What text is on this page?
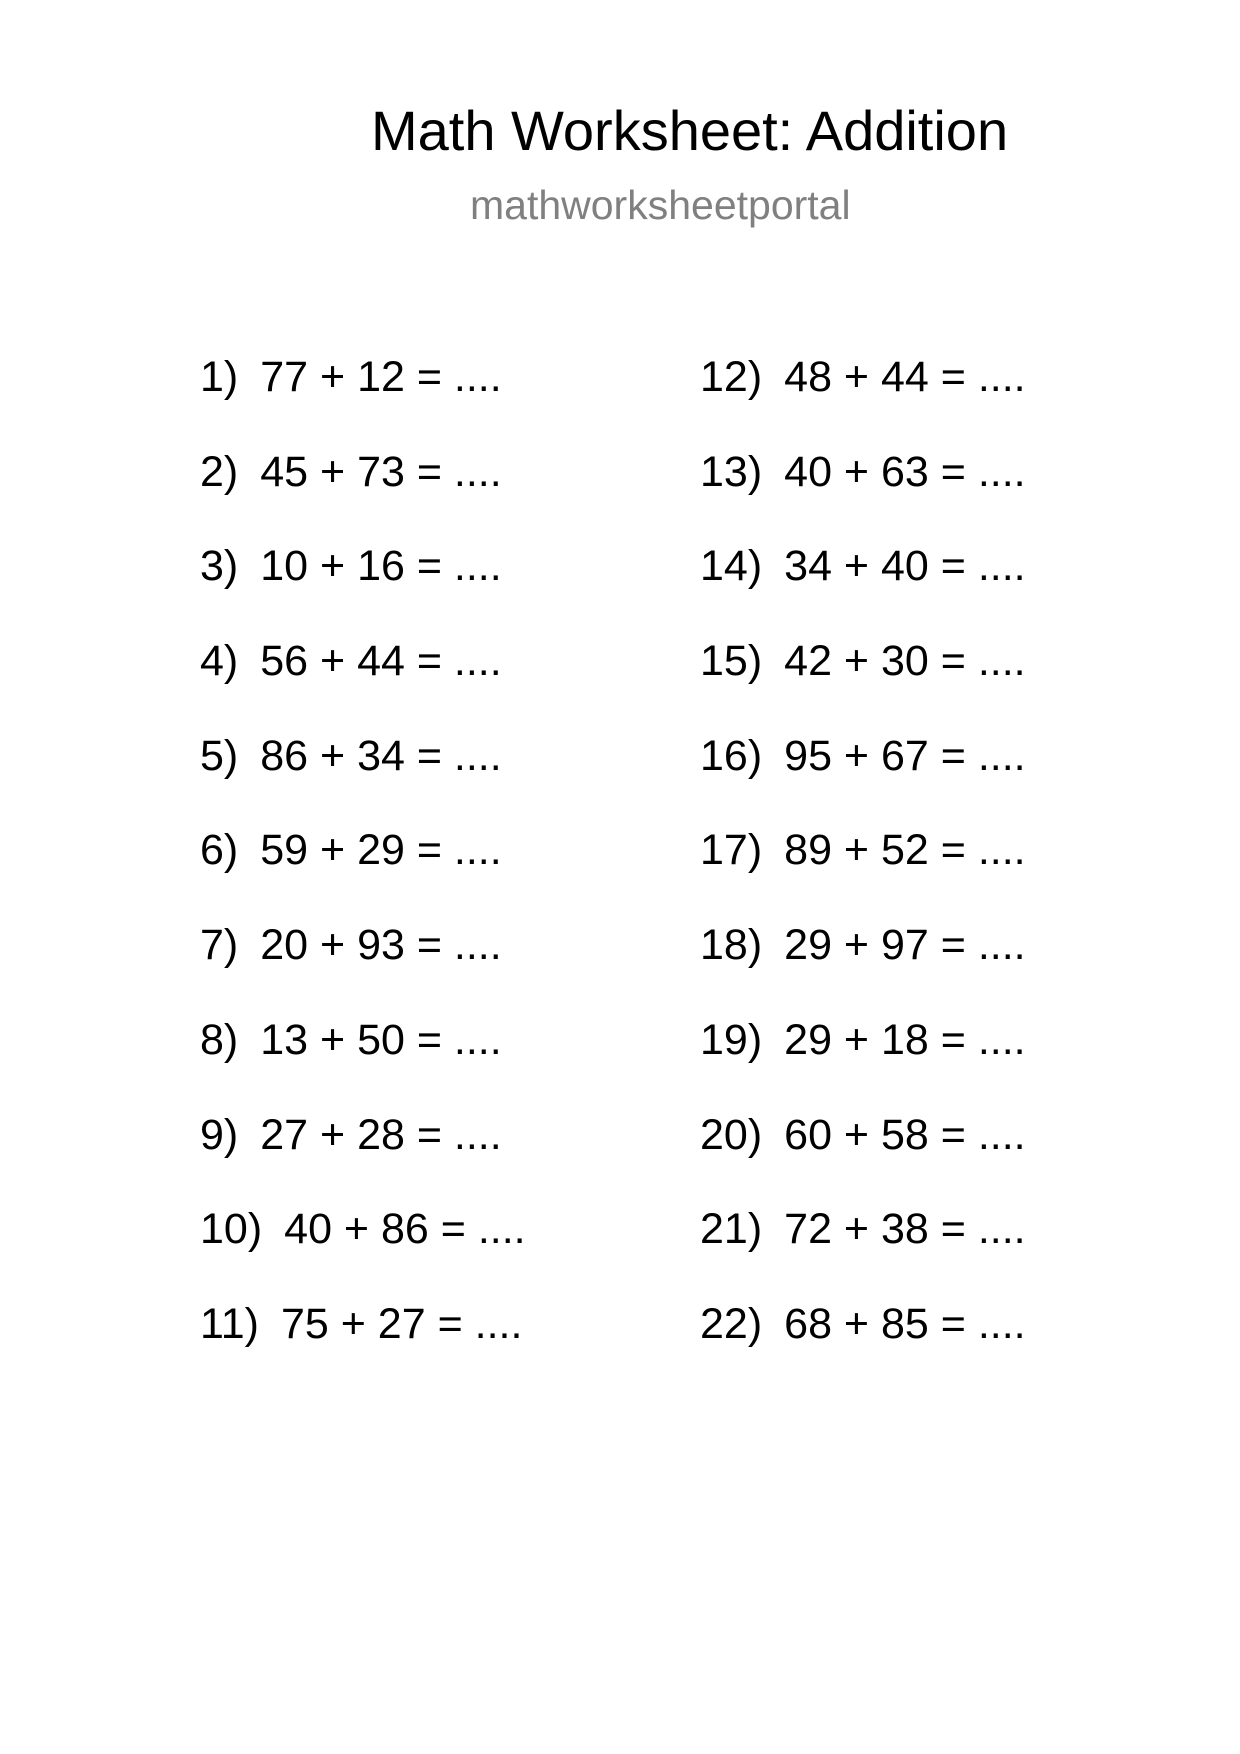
Math Worksheet: Addition
mathworksheetportal
1) 77 + 12 = ....
2) 45 + 73 = ....
3) 10 + 16 = ....
4) 56 + 44 = ....
5) 86 + 34 = ....
6) 59 + 29 = ....
7) 20 + 93 = ....
8) 13 + 50 = ....
9) 27 + 28 = ....
10) 40 + 86 = ....
11) 75 + 27 = ....
12) 48 + 44 = ....
13) 40 + 63 = ....
14) 34 + 40 = ....
15) 42 + 30 = ....
16) 95 + 67 = ....
17) 89 + 52 = ....
18) 29 + 97 = ....
19) 29 + 18 = ....
20) 60 + 58 = ....
21) 72 + 38 = ....
22) 68 + 85 = ....
